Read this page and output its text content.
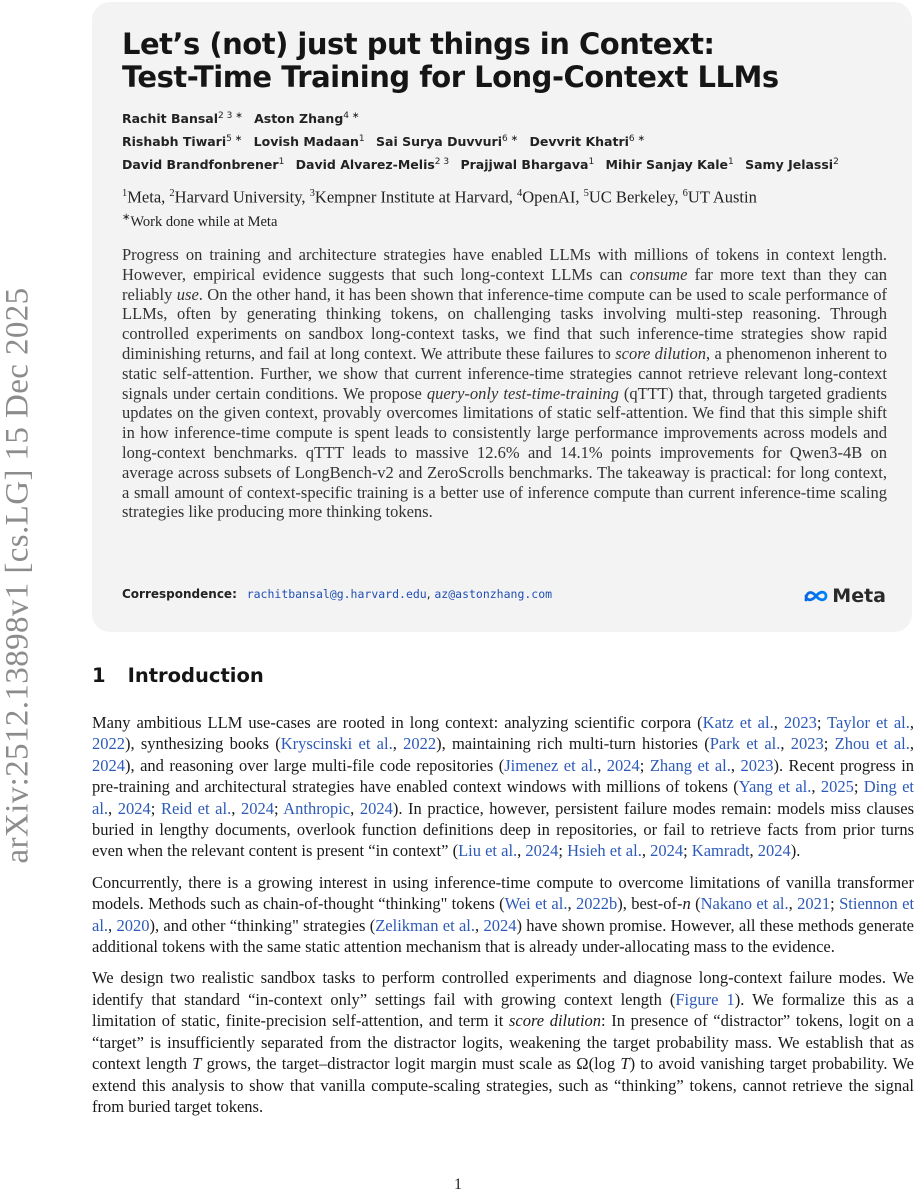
arXiv:2512.13898v1 [cs.LG] 15 Dec 2025
Let’s (not) just put things in Context:
Test-Time Training for Long-Context LLMs
Rachit Bansal$^{2 3 ∗}$ Aston Zhang$^{4 ∗}$
Rishabh Tiwari$^{5 ∗}$ Lovish Madaan$^1$ Sai Surya Duvvuri$^{6 ∗}$ Devvrit Khatri$^{6 ∗}$
David Brandfonbrener$^1$ David Alvarez-Melis$^{2 3}$ Prajjwal Bhargava$^1$ Mihir Sanjay Kale$^1$ Samy Jelassi$^2$
$^1$Meta, $^2$Harvard University, $^3$Kempner Institute at Harvard, $^4$OpenAI, $^5$UC Berkeley, $^6$UT Austin
∗Work done while at Meta
Progress on training and architecture strategies have enabled LLMs with millions of tokens in context length. However, empirical evidence suggests that such long-context LLMs can consume far more text than they can reliably use. On the other hand, it has been shown that inference-time compute can be used to scale performance of LLMs, often by generating thinking tokens, on challenging tasks involving multi-step reasoning. Through controlled experiments on sandbox long-context tasks, we find that such inference-time strategies show rapid diminishing returns, and fail at long context. We attribute these failures to score dilution, a phenomenon inherent to static self-attention. Further, we show that current inference-time strategies cannot retrieve relevant long-context signals under certain conditions. We propose query-only test-time-training (qTTT) that, through targeted gradients updates on the given context, provably overcomes limitations of static self-attention. We find that this simple shift in how inference-time compute is spent leads to consistently large performance improvements across models and long-context benchmarks. qTTT leads to massive 12.6% and 14.1% points improvements for Qwen3-4B on average across subsets of LongBench-v2 and ZeroScrolls benchmarks. The takeaway is practical: for long context, a small amount of context-specific training is a better use of inference compute than current inference-time scaling strategies like producing more thinking tokens.
Correspondence: rachitbansal@g.harvard.edu, az@astonzhang.com	Meta
1 Introduction

Many ambitious LLM use-cases are rooted in long context: analyzing scientific corpora (Katz et al., 2023; Taylor et al., 2022), synthesizing books (Kryscinski et al., 2022), maintaining rich multi-turn histories (Park et al., 2023; Zhou et al., 2024), and reasoning over large multi-file code repositories (Jimenez et al., 2024; Zhang et al., 2023). Recent progress in pre-training and architectural strategies have enabled context windows with millions of tokens (Yang et al., 2025; Ding et al., 2024; Reid et al., 2024; Anthropic, 2024). In practice, however, persistent failure modes remain: models miss clauses buried in lengthy documents, overlook function definitions deep in repositories, or fail to retrieve facts from prior turns even when the relevant content is present “in context” (Liu et al., 2024; Hsieh et al., 2024; Kamradt, 2024).

Concurrently, there is a growing interest in using inference-time compute to overcome limitations of vanilla transformer models. Methods such as chain-of-thought “thinking" tokens (Wei et al., 2022b), best-of-n (Nakano et al., 2021; Stiennon et al., 2020), and other “thinking" strategies (Zelikman et al., 2024) have shown promise. However, all these methods generate additional tokens with the same static attention mechanism that is already under-allocating mass to the evidence.

We design two realistic sandbox tasks to perform controlled experiments and diagnose long-context failure modes. We identify that standard “in-context only” settings fail with growing context length (Figure 1). We formalize this as a limitation of static, finite-precision self-attention, and term it score dilution: In presence of “distractor” tokens, logit on a “target” is insufficiently separated from the distractor logits, weakening the target probability mass. We establish that as context length T grows, the target–distractor logit margin must scale as Ω(log T) to avoid vanishing target probability. We extend this analysis to show that vanilla compute-scaling strategies, such as “thinking” tokens, cannot retrieve the signal from buried target tokens.

1
